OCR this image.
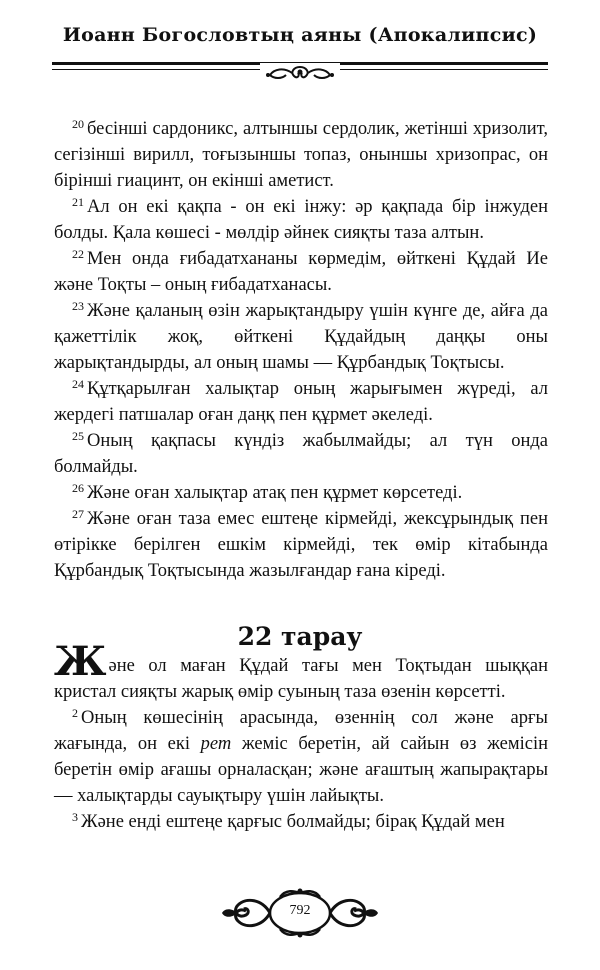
Иоанн Богословтың аяны (Апокалипсис)

$^{20}$ бесінші сардоникс, алтыншы сердолик, жетінші хризолит, сегізінші вирилл, тоғызыншы топаз, оныншы хризопрас, он бірінші гиацинт, он екінші аметист.

$^{21}$ Ал он екі қақпа - он екі інжу: әр қақпада бір інжуден болды. Қала көшесі - мөлдір әйнек сияқты таза алтын.

$^{22}$ Мен онда ғибадатхананы көрмедім, өйткені Құдай Ие және Тоқты – оның ғибадатханасы.

$^{23}$ Және қаланың өзін жарықтандыру үшін күнге де, айға да қажеттілік жоқ, өйткені Құдайдың даңқы оны жарықтандырды, ал оның шамы — Құрбандық Тоқтысы.

$^{24}$ Құтқарылған халықтар оның жарығымен жүреді, ал жердегі патшалар оған даңқ пен құрмет әкеледі.

$^{25}$ Оның қақпасы күндіз жабылмайды; ал түн онда болмайды.

$^{26}$ Және оған халықтар атақ пен құрмет көрсетеді.

$^{27}$ Және оған таза емес ештеңе кірмейді, жексұрындық пен өтірікке берілген ешкім кірмейді, тек өмір кітабында Құрбандық Тоқтысында жазылғандар ғана кіреді.

22 тарау

Және ол маған Құдай тағы мен Тоқтыдан шыққан кристал сияқты жарық өмір суының таза өзенін көрсетті.

$^2$ Оның көшесінің арасында, өзеннің сол және арғы жағында, он екі рет жеміс беретін, ай сайын өз жемісін беретін өмір ағашы орналасқан; және ағаштың жапырақтары — халықтарды сауықтыру үшін лайықты.

$^3$ Және енді ештеңе қарғыс болмайды; бірақ Құдай мен

792
